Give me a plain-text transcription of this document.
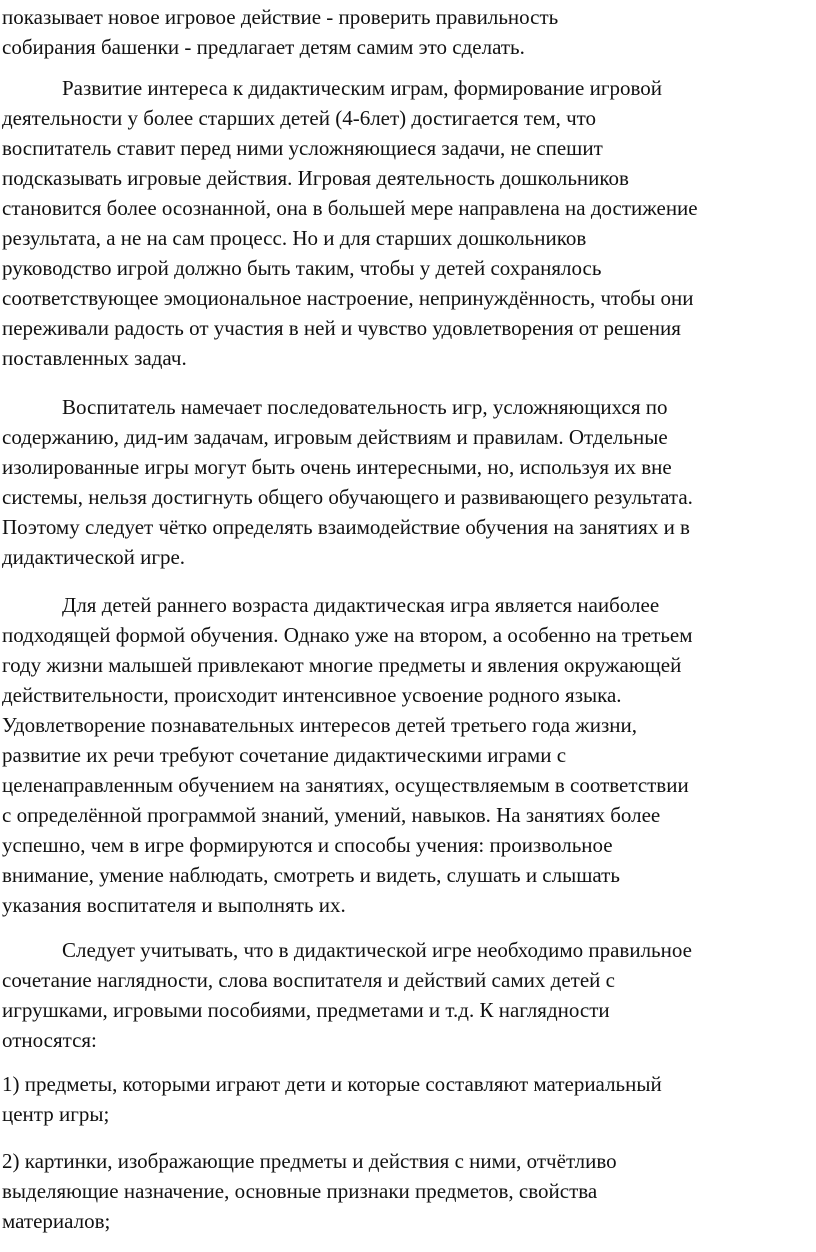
показывает новое игровое действие - проверить правильность
собирания башенки - предлагает детям самим это сделать.

Развитие интереса к дидактическим играм, формирование игровой
деятельности у более старших детей (4-6лет) достигается тем, что
воспитатель ставит перед ними усложняющиеся задачи, не спешит
подсказывать игровые действия. Игровая деятельность дошкольников
становится более осознанной, она в большей мере направлена на достижение
результата, а не на сам процесс. Но и для старших дошкольников
руководство игрой должно быть таким, чтобы у детей сохранялось
соответствующее эмоциональное настроение, непринуждённость, чтобы они
переживали радость от участия в ней и чувство удовлетворения от решения
поставленных задач.

Воспитатель намечает последовательность игр, усложняющихся по
содержанию, дид-им задачам, игровым действиям и правилам. Отдельные
изолированные игры могут быть очень интересными, но, используя их вне
системы, нельзя достигнуть общего обучающего и развивающего результата.
Поэтому следует чётко определять взаимодействие обучения на занятиях и в
дидактической игре.

Для детей раннего возраста дидактическая игра является наиболее
подходящей формой обучения. Однако уже на втором, а особенно на третьем
году жизни малышей привлекают многие предметы и явления окружающей
действительности, происходит интенсивное усвоение родного языка.
Удовлетворение познавательных интересов детей третьего года жизни,
развитие их речи требуют сочетание дидактическими играми с
целенаправленным обучением на занятиях, осуществляемым в соответствии
с определённой программой знаний, умений, навыков. На занятиях более
успешно, чем в игре формируются и способы учения: произвольное
внимание, умение наблюдать, смотреть и видеть, слушать и слышать
указания воспитателя и выполнять их.

Следует учитывать, что в дидактической игре необходимо правильное
сочетание наглядности, слова воспитателя и действий самих детей с
игрушками, игровыми пособиями, предметами и т.д. К наглядности
относятся:

1) предметы, которыми играют дети и которые составляют материальный
центр игры;

2) картинки, изображающие предметы и действия с ними, отчётливо
выделяющие назначение, основные признаки предметов, свойства
материалов;
